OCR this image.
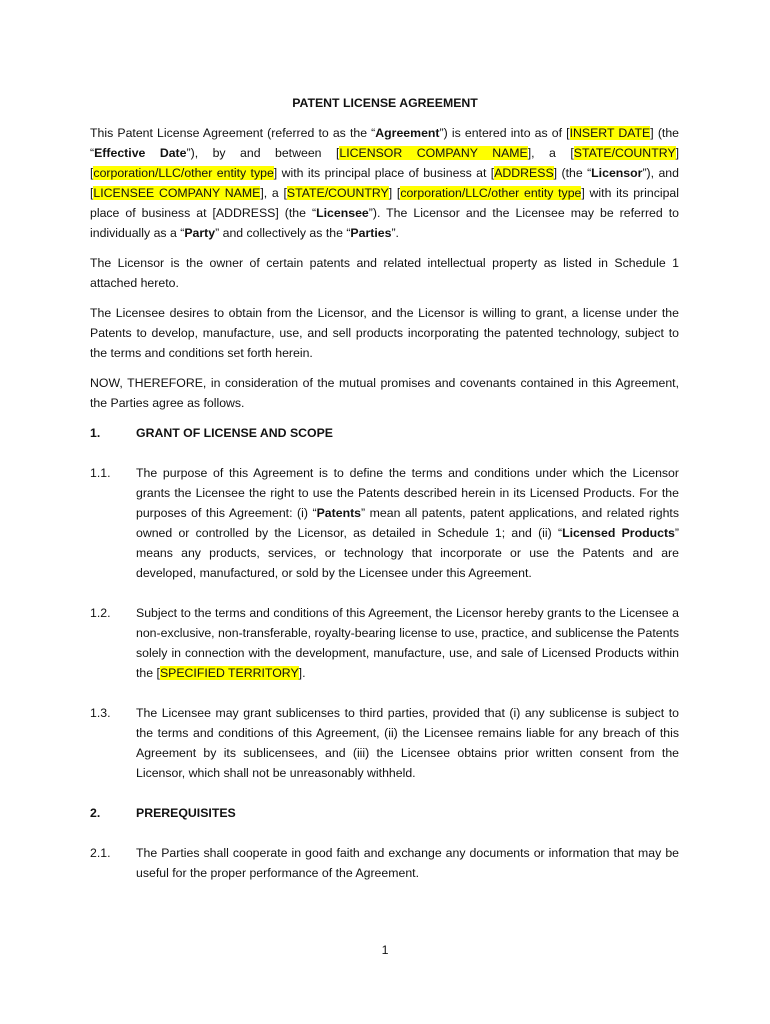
PATENT LICENSE AGREEMENT

This Patent License Agreement (referred to as the “Agreement”) is entered into as of [INSERT DATE] (the “Effective Date”), by and between [LICENSOR COMPANY NAME], a [STATE/COUNTRY] [corporation/LLC/other entity type] with its principal place of business at [ADDRESS] (the “Licensor”), and [LICENSEE COMPANY NAME], a [STATE/COUNTRY] [corporation/LLC/other entity type] with its principal place of business at [ADDRESS] (the “Licensee”). The Licensor and the Licensee may be referred to individually as a “Party” and collectively as the “Parties”.

The Licensor is the owner of certain patents and related intellectual property as listed in Schedule 1 attached hereto.

The Licensee desires to obtain from the Licensor, and the Licensor is willing to grant, a license under the Patents to develop, manufacture, use, and sell products incorporating the patented technology, subject to the terms and conditions set forth herein.

NOW, THEREFORE, in consideration of the mutual promises and covenants contained in this Agreement, the Parties agree as follows.

1.	GRANT OF LICENSE AND SCOPE

1.1. The purpose of this Agreement is to define the terms and conditions under which the Licensor grants the Licensee the right to use the Patents described herein in its Licensed Products. For the purposes of this Agreement: (i) “Patents” mean all patents, patent applications, and related rights owned or controlled by the Licensor, as detailed in Schedule 1; and (ii) “Licensed Products” means any products, services, or technology that incorporate or use the Patents and are developed, manufactured, or sold by the Licensee under this Agreement.

1.2. Subject to the terms and conditions of this Agreement, the Licensor hereby grants to the Licensee a non-exclusive, non-transferable, royalty-bearing license to use, practice, and sublicense the Patents solely in connection with the development, manufacture, use, and sale of Licensed Products within the [SPECIFIED TERRITORY].

1.3. The Licensee may grant sublicenses to third parties, provided that (i) any sublicense is subject to the terms and conditions of this Agreement, (ii) the Licensee remains liable for any breach of this Agreement by its sublicensees, and (iii) the Licensee obtains prior written consent from the Licensor, which shall not be unreasonably withheld.

2.	PREREQUISITES

2.1. The Parties shall cooperate in good faith and exchange any documents or information that may be useful for the proper performance of the Agreement.

1
